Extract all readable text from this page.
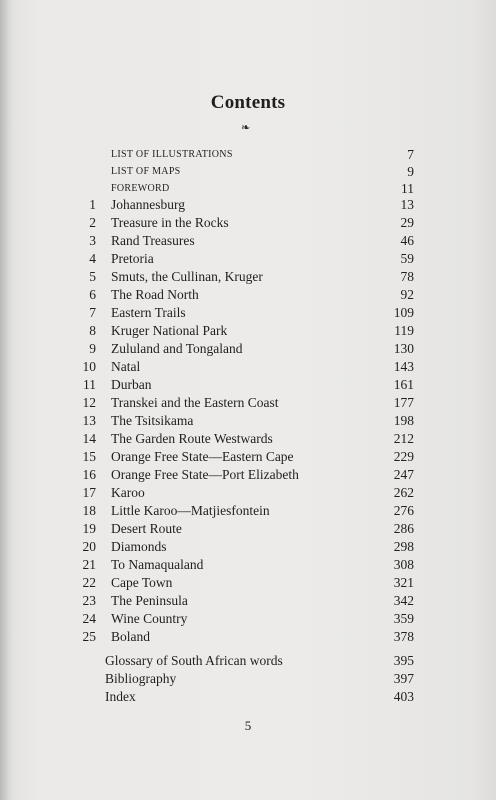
Contents
❧
LIST OF ILLUSTRATIONS	7
LIST OF MAPS	9
FOREWORD	11
1 Johannesburg	13
2 Treasure in the Rocks	29
3 Rand Treasures	46
4 Pretoria	59
5 Smuts, the Cullinan, Kruger	78
6 The Road North	92
7 Eastern Trails	109
8 Kruger National Park	119
9 Zululand and Tongaland	130
10 Natal	143
11 Durban	161
12 Transkei and the Eastern Coast	177
13 The Tsitsikama	198
14 The Garden Route Westwards	212
15 Orange Free State—Eastern Cape	229
16 Orange Free State—Port Elizabeth	247
17 Karoo	262
18 Little Karoo—Matjiesfontein	276
19 Desert Route	286
20 Diamonds	298
21 To Namaqualand	308
22 Cape Town	321
23 The Peninsula	342
24 Wine Country	359
25 Boland	378
Glossary of South African words	395
Bibliography	397
Index	403
5
